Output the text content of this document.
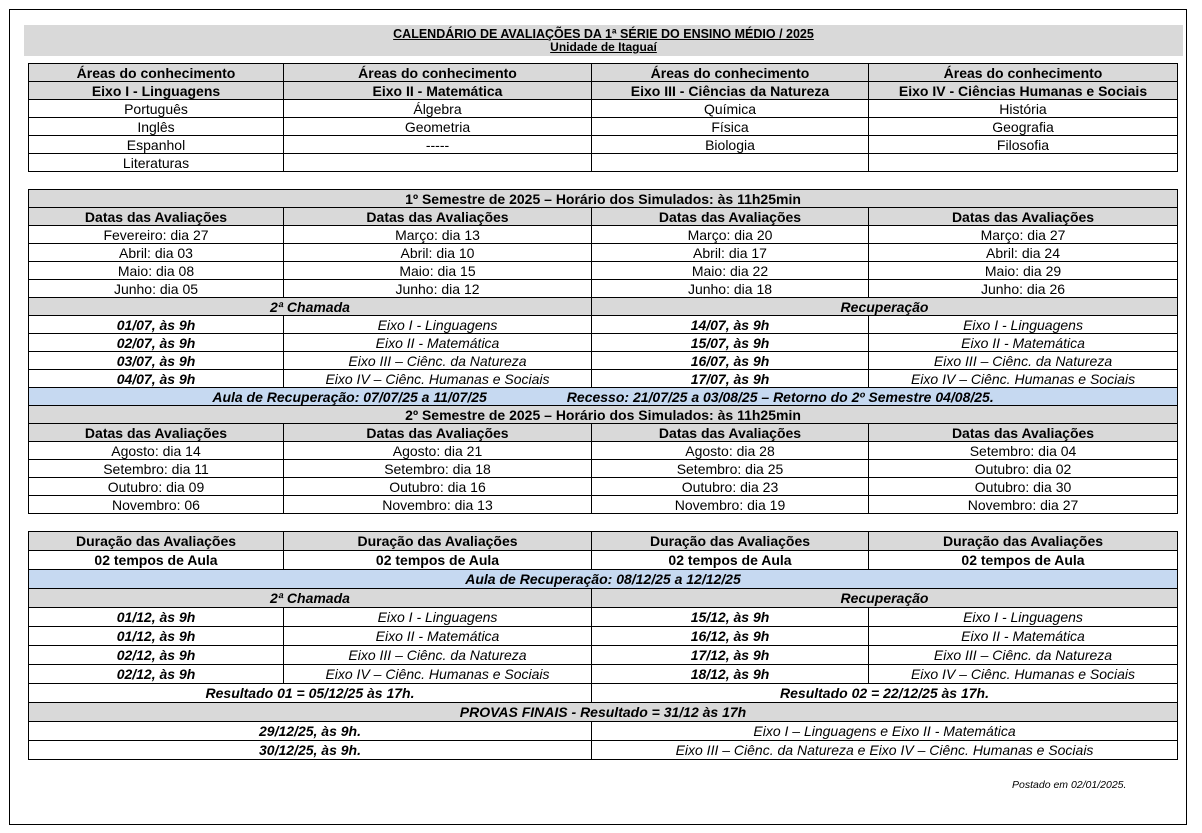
CALENDÁRIO DE AVALIAÇÕES DA 1ª SÉRIE DO ENSINO MÉDIO / 2025
Unidade de Itaguaí
Áreas do conhecimento	Áreas do conhecimento	Áreas do conhecimento	Áreas do conhecimento
Eixo I - Linguagens	Eixo II - Matemática	Eixo III - Ciências da Natureza	Eixo IV - Ciências Humanas e Sociais
Português	Álgebra	Química	História
Inglês	Geometria	Física	Geografia
Espanhol	-----	Biologia	Filosofia
Literaturas			
1º Semestre de 2025 – Horário dos Simulados: às 11h25min			
Datas das Avaliações	Datas das Avaliações	Datas das Avaliações	Datas das Avaliações
Fevereiro: dia 27	Março: dia 13	Março: dia 20	Março: dia 27
Abril: dia 03	Abril: dia 10	Abril: dia 17	Abril: dia 24
Maio: dia 08	Maio: dia 15	Maio: dia 22	Maio: dia 29
Junho: dia 05	Junho: dia 12	Junho: dia 18	Junho: dia 26
2ª Chamada		Recuperação	
01/07, às 9h	Eixo I - Linguagens	14/07, às 9h	Eixo I - Linguagens
02/07, às 9h	Eixo II - Matemática	15/07, às 9h	Eixo II - Matemática
03/07, às 9h	Eixo III – Ciênc. da Natureza	16/07, às 9h	Eixo III – Ciênc. da Natureza
04/07, às 9h	Eixo IV – Ciênc. Humanas e Sociais	17/07, às 9h	Eixo IV – Ciênc. Humanas e Sociais
Aula de Recuperação: 07/07/25 a 11/07/25 Recesso: 21/07/25 a 03/08/25 – Retorno do 2º Semestre 04/08/25.			
2º Semestre de 2025 – Horário dos Simulados: às 11h25min			
Datas das Avaliações	Datas das Avaliações	Datas das Avaliações	Datas das Avaliações
Agosto: dia 14	Agosto: dia 21	Agosto: dia 28	Setembro: dia 04
Setembro: dia 11	Setembro: dia 18	Setembro: dia 25	Outubro: dia 02
Outubro: dia 09	Outubro: dia 16	Outubro: dia 23	Outubro: dia 30
Novembro: 06	Novembro: dia 13	Novembro: dia 19	Novembro: dia 27
Duração das Avaliações	Duração das Avaliações	Duração das Avaliações	Duração das Avaliações
02 tempos de Aula	02 tempos de Aula	02 tempos de Aula	02 tempos de Aula
Aula de Recuperação: 08/12/25 a 12/12/25			
2ª Chamada		Recuperação	
01/12, às 9h	Eixo I - Linguagens	15/12, às 9h	Eixo I - Linguagens
01/12, às 9h	Eixo II - Matemática	16/12, às 9h	Eixo II - Matemática
02/12, às 9h	Eixo III – Ciênc. da Natureza	17/12, às 9h	Eixo III – Ciênc. da Natureza
02/12, às 9h	Eixo IV – Ciênc. Humanas e Sociais	18/12, às 9h	Eixo IV – Ciênc. Humanas e Sociais
Resultado 01 = 05/12/25 às 17h.		Resultado 02 = 22/12/25 às 17h.	
PROVAS FINAIS - Resultado = 31/12 às 17h			
29/12/25, às 9h.		Eixo I – Linguagens e Eixo II - Matemática	
30/12/25, às 9h.		Eixo III – Ciênc. da Natureza e Eixo IV – Ciênc. Humanas e Sociais	
Postado em 02/01/2025.
